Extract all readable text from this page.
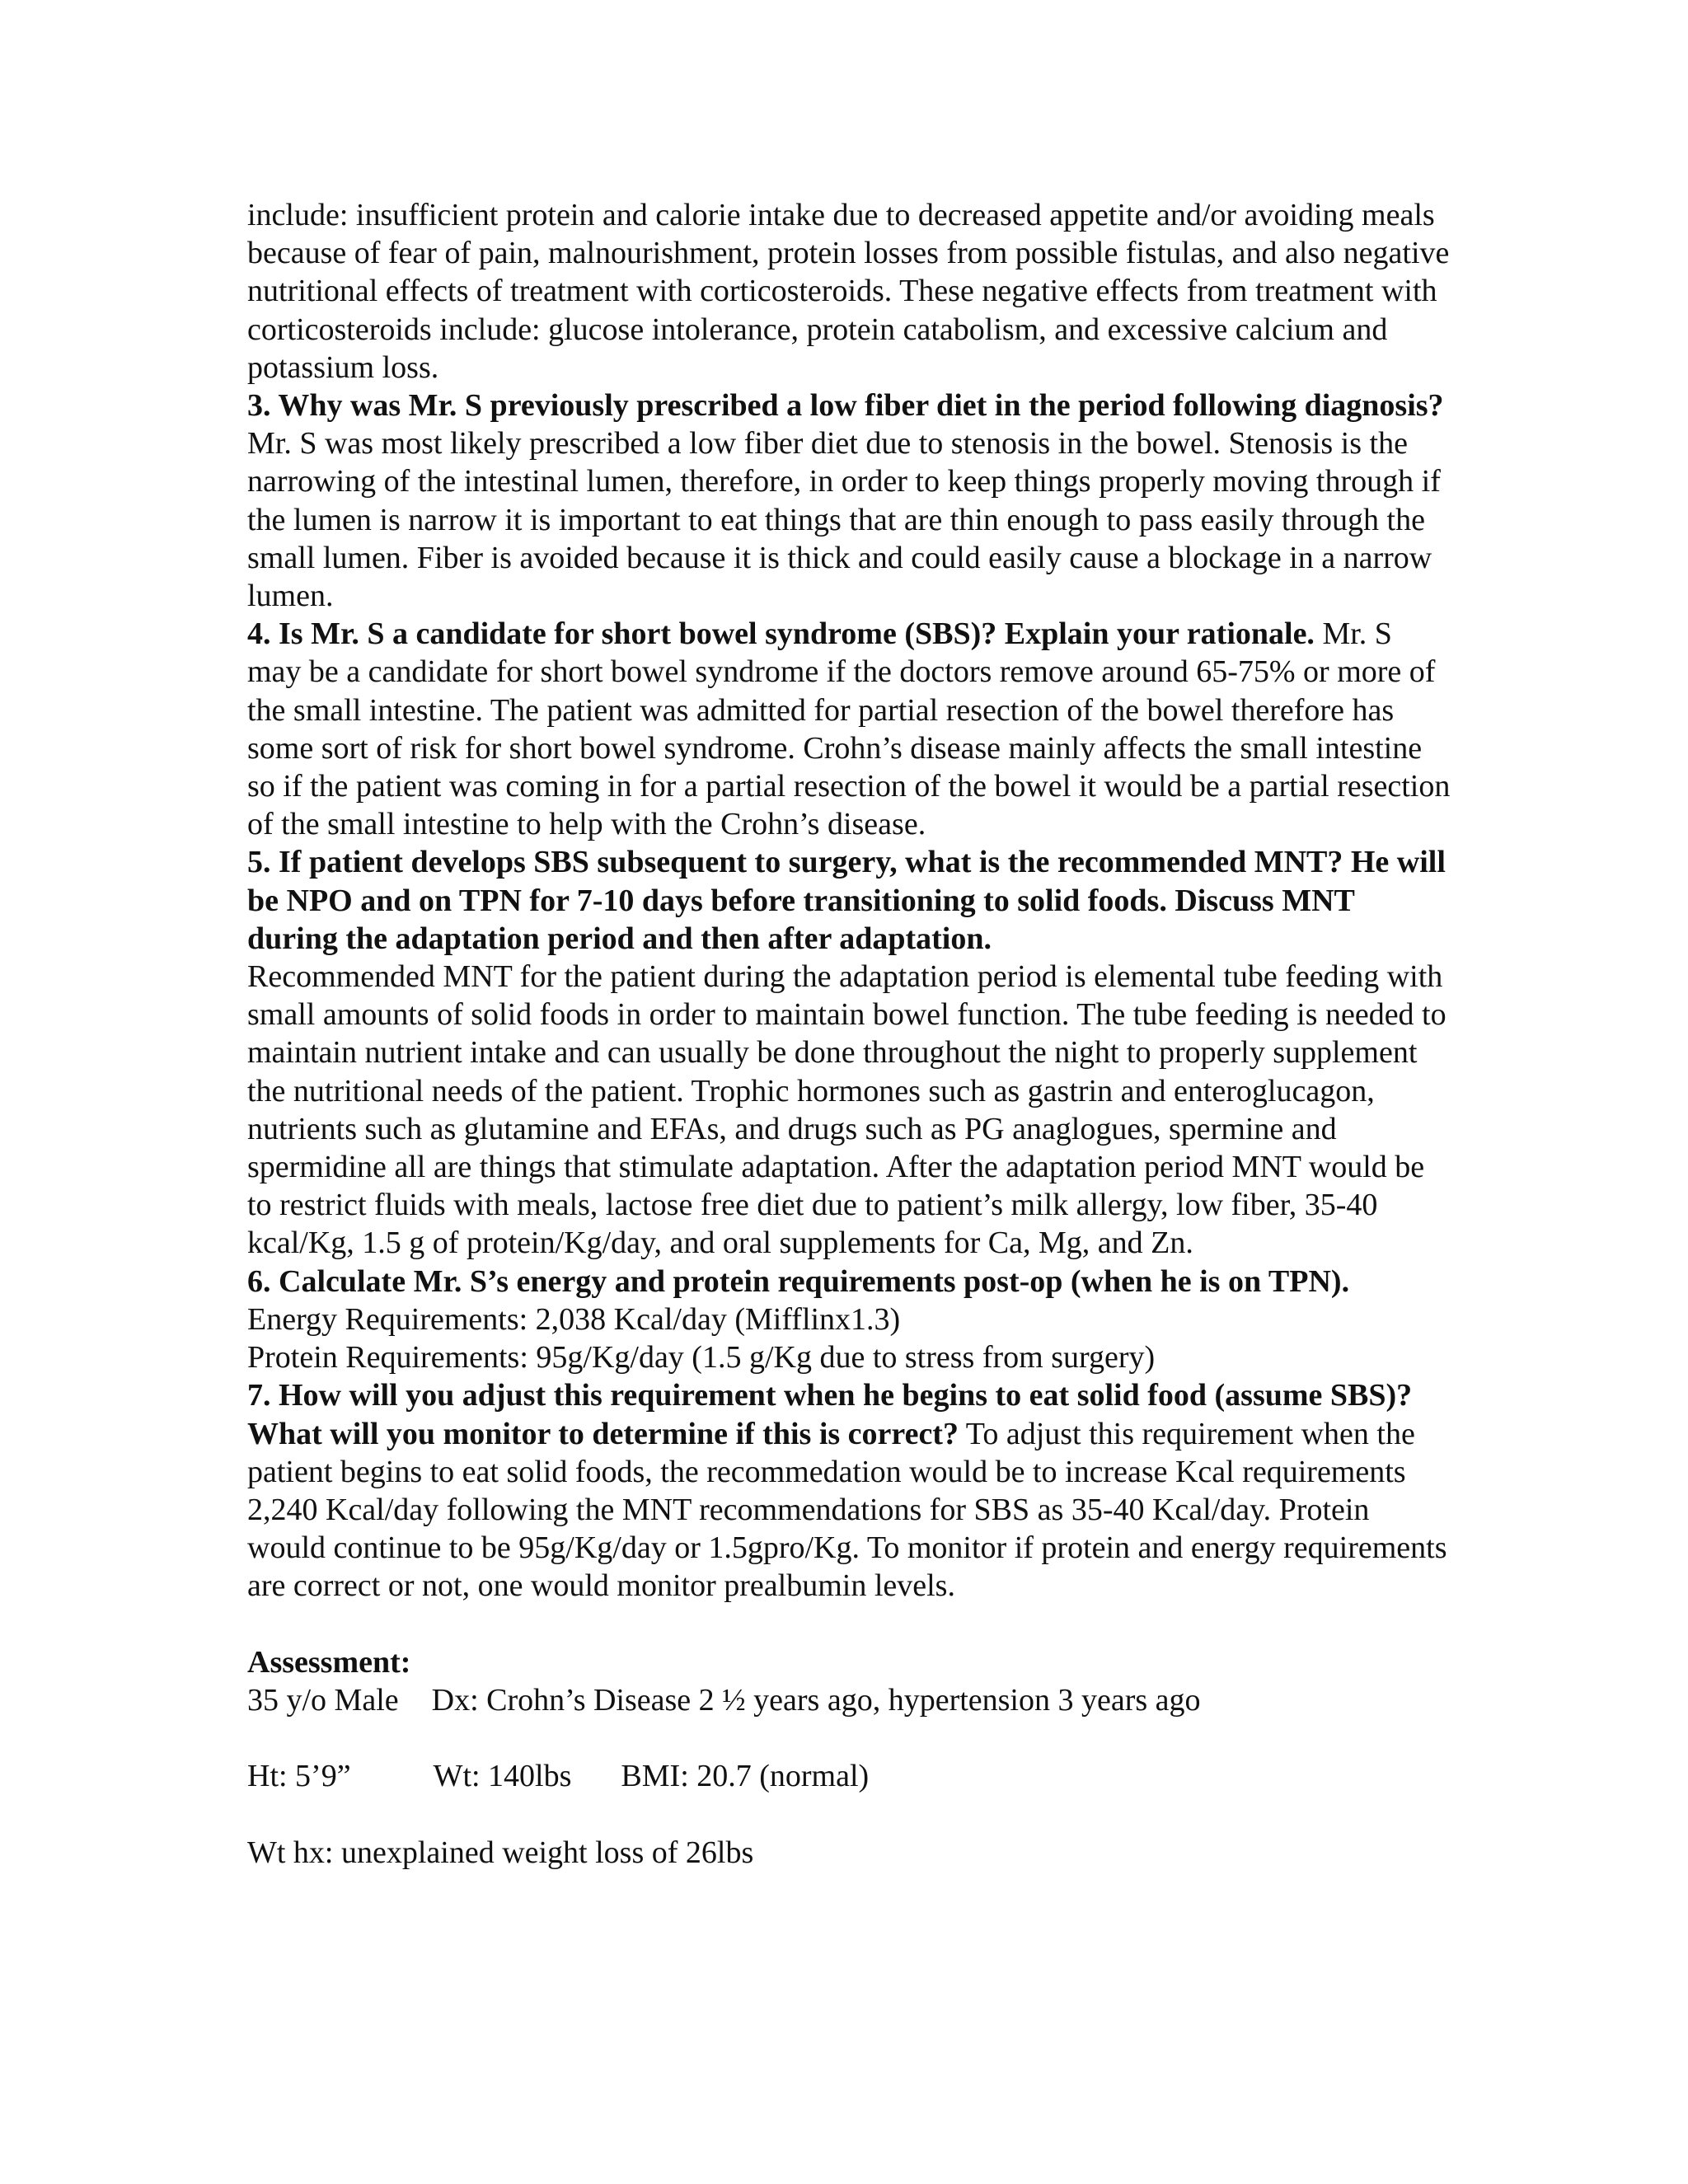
include: insufficient protein and calorie intake due to decreased appetite and/or avoiding meals because of fear of pain, malnourishment, protein losses from possible fistulas, and also negative nutritional effects of treatment with corticosteroids. These negative effects from treatment with corticosteroids include: glucose intolerance, protein catabolism, and excessive calcium and potassium loss.

3. Why was Mr. S previously prescribed a low fiber diet in the period following diagnosis? Mr. S was most likely prescribed a low fiber diet due to stenosis in the bowel. Stenosis is the narrowing of the intestinal lumen, therefore, in order to keep things properly moving through if the lumen is narrow it is important to eat things that are thin enough to pass easily through the small lumen. Fiber is avoided because it is thick and could easily cause a blockage in a narrow lumen.

4. Is Mr. S a candidate for short bowel syndrome (SBS)? Explain your rationale. Mr. S may be a candidate for short bowel syndrome if the doctors remove around 65-75% or more of the small intestine. The patient was admitted for partial resection of the bowel therefore has some sort of risk for short bowel syndrome. Crohn’s disease mainly affects the small intestine so if the patient was coming in for a partial resection of the bowel it would be a partial resection of the small intestine to help with the Crohn’s disease.

5. If patient develops SBS subsequent to surgery, what is the recommended MNT? He will be NPO and on TPN for 7-10 days before transitioning to solid foods. Discuss MNT during the adaptation period and then after adaptation.

Recommended MNT for the patient during the adaptation period is elemental tube feeding with small amounts of solid foods in order to maintain bowel function. The tube feeding is needed to maintain nutrient intake and can usually be done throughout the night to properly supplement the nutritional needs of the patient. Trophic hormones such as gastrin and enteroglucagon, nutrients such as glutamine and EFAs, and drugs such as PG anaglogues, spermine and spermidine all are things that stimulate adaptation. After the adaptation period MNT would be to restrict fluids with meals, lactose free diet due to patient’s milk allergy, low fiber, 35-40 kcal/Kg, 1.5 g of protein/Kg/day, and oral supplements for Ca, Mg, and Zn.

6. Calculate Mr. S’s energy and protein requirements post-op (when he is on TPN).

Energy Requirements: 2,038 Kcal/day (Mifflinx1.3)

Protein Requirements: 95g/Kg/day (1.5 g/Kg due to stress from surgery)

7. How will you adjust this requirement when he begins to eat solid food (assume SBS)? What will you monitor to determine if this is correct? To adjust this requirement when the patient begins to eat solid foods, the recommedation would be to increase Kcal requirements 2,240 Kcal/day following the MNT recommendations for SBS as 35-40 Kcal/day. Protein would continue to be 95g/Kg/day or 1.5gpro/Kg. To monitor if protein and energy requirements are correct or not, one would monitor prealbumin levels.

Assessment:

35 y/o Male Dx: Crohn’s Disease 2 ½ years ago, hypertension 3 years ago

Ht: 5’9”	Wt: 140lbs BMI: 20.7 (normal)

Wt hx: unexplained weight loss of 26lbs
